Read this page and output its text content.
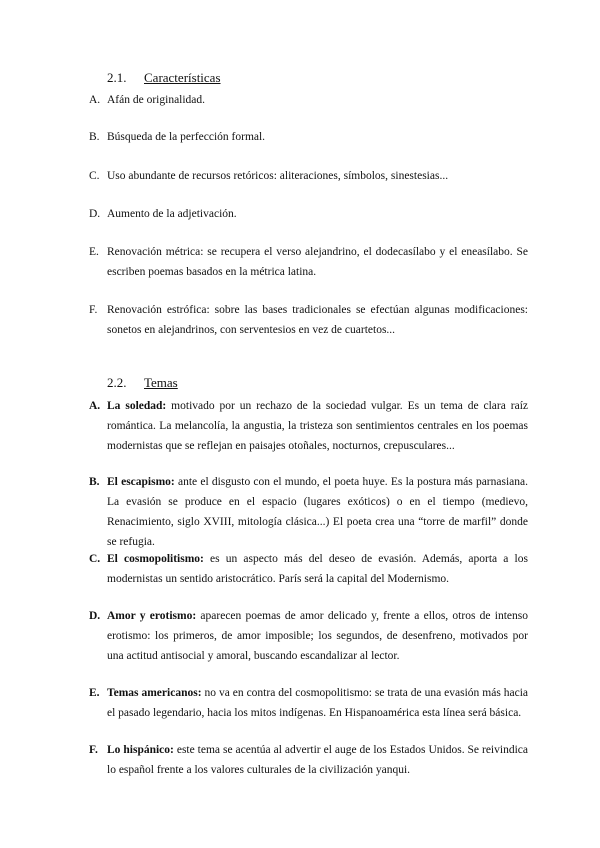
2.1. Características
A. Afán de originalidad.
B. Búsqueda de la perfección formal.
C. Uso abundante de recursos retóricos: aliteraciones, símbolos, sinestesias...
D. Aumento de la adjetivación.
E. Renovación métrica: se recupera el verso alejandrino, el dodecasílabo y el eneasílabo. Se escriben poemas basados en la métrica latina.
F. Renovación estrófica: sobre las bases tradicionales se efectúan algunas modificaciones: sonetos en alejandrinos, con serventesios en vez de cuartetos...
2.2. Temas
A. La soledad: motivado por un rechazo de la sociedad vulgar. Es un tema de clara raíz romántica. La melancolía, la angustia, la tristeza son sentimientos centrales en los poemas modernistas que se reflejan en paisajes otoñales, nocturnos, crepusculares...
B. El escapismo: ante el disgusto con el mundo, el poeta huye. Es la postura más parnasiana. La evasión se produce en el espacio (lugares exóticos) o en el tiempo (medievo, Renacimiento, siglo XVIII, mitología clásica...) El poeta crea una “torre de marfil” donde se refugia.
C. El cosmopolitismo: es un aspecto más del deseo de evasión. Además, aporta a los modernistas un sentido aristocrático. París será la capital del Modernismo.
D. Amor y erotismo: aparecen poemas de amor delicado y, frente a ellos, otros de intenso erotismo: los primeros, de amor imposible; los segundos, de desenfreno, motivados por una actitud antisocial y amoral, buscando escandalizar al lector.
E. Temas americanos: no va en contra del cosmopolitismo: se trata de una evasión más hacia el pasado legendario, hacia los mitos indígenas. En Hispanoamérica esta línea será básica.
F. Lo hispánico: este tema se acentúa al advertir el auge de los Estados Unidos. Se reivindica lo español frente a los valores culturales de la civilización yanqui.
